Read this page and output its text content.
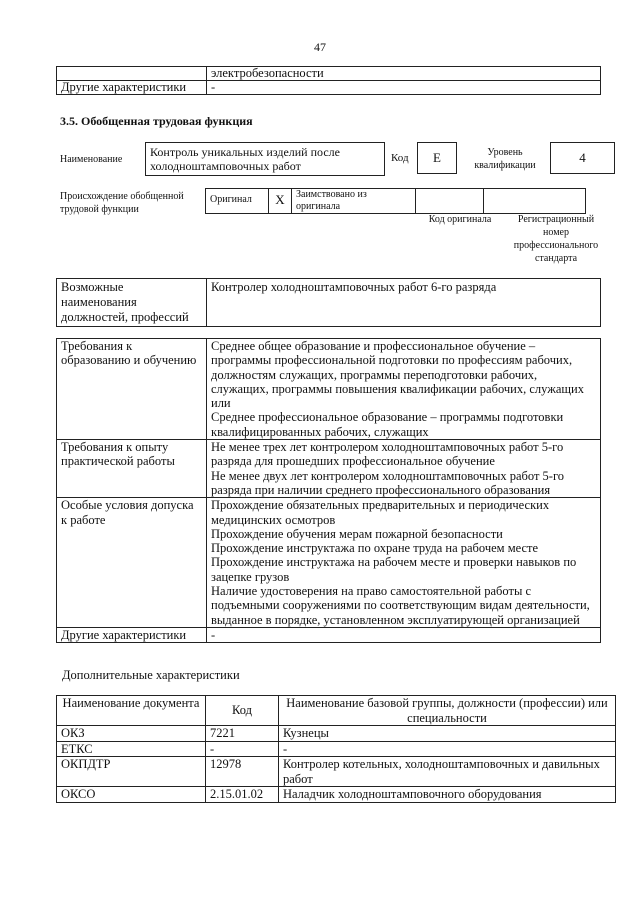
47
	электробезопасности
Другие характеристики	-
3.5. Обобщенная трудовая функция
Наименование
Контроль уникальных изделий после холодноштамповочных работ
Код	E	Уровень квалификации
4
Происхождение обобщенной трудовой функции
Оригинал	X	Заимствовано из оригинала		
Код оригинала	Регистрационный номер профессионального стандарта
Возможные наименования должностей, профессий	Контролер холодноштамповочных работ 6-го разряда
Требования к образованию и обучению	Среднее общее образование и профессиональное обучение – программы профессиональной подготовки по профессиям рабочих, должностям служащих, программы переподготовки рабочих, служащих, программы повышения квалификации рабочих, служащих или

Среднее профессиональное образование – программы подготовки квалифицированных рабочих, служащих

Требования к опыту практической работы	Не менее трех лет контролером холодноштамповочных работ 5-го разряда для прошедших профессиональное обучение

Не менее двух лет контролером холодноштамповочных работ 5-го разряда при наличии среднего профессионального образования

Особые условия допуска к работе	Прохождение обязательных предварительных и периодических медицинских осмотров

Прохождение обучения мерам пожарной безопасности

Прохождение инструктажа по охране труда на рабочем месте

Прохождение инструктажа на рабочем месте и проверки навыков по зацепке грузов

Наличие удостоверения на право самостоятельной работы с подъемными сооружениями по соответствующим видам деятельности, выданное в порядке, установленном эксплуатирующей организацией

Другие характеристики	-
Дополнительные характеристики
Наименование документа	Код	Наименование базовой группы, должности (профессии) или специальности
ОКЗ	7221	Кузнецы
ЕТКС	-	-
ОКПДТР	12978	Контролер котельных, холодноштамповочных и давильных работ
ОКСО	2.15.01.02	Наладчик холодноштамповочного оборудования
